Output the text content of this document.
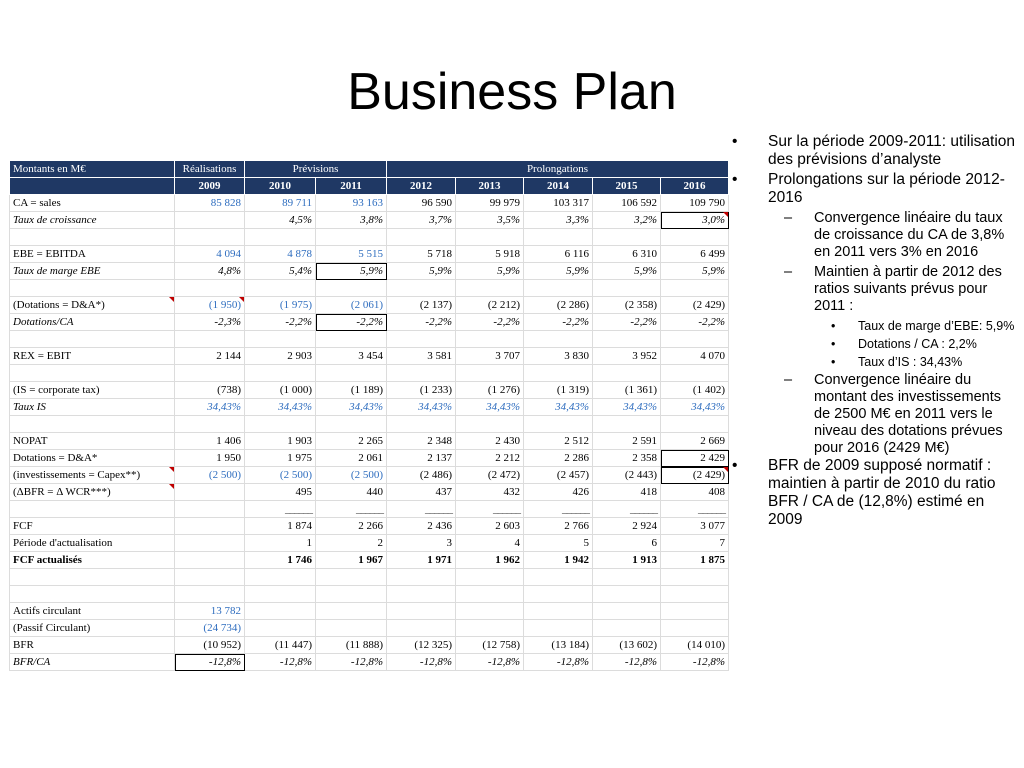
Business Plan
Montants en M€	Réalisations	Prévisions		Prolongations				
	2009	2010	2011	2012	2013	2014	2015	2016
CA = sales	85 828	89 711	93 163	96 590	99 979	103 317	106 592	109 790
Taux de croissance		4,5%	3,8%	3,7%	3,5%	3,3%	3,2%	3,0%

EBE = EBITDA	4 094	4 878	5 515	5 718	5 918	6 116	6 310	6 499
Taux de marge EBE	4,8%	5,4%	5,9%	5,9%	5,9%	5,9%	5,9%	5,9%

(Dotations = D&A*)	(1 950)	(1 975)	(2 061)	(2 137)	(2 212)	(2 286)	(2 358)	(2 429)
Dotations/CA	-2,3%	-2,2%	-2,2%	-2,2%	-2,2%	-2,2%	-2,2%	-2,2%

REX = EBIT	2 144	2 903	3 454	3 581	3 707	3 830	3 952	4 070

(IS = corporate tax)	(738)	(1 000)	(1 189)	(1 233)	(1 276)	(1 319)	(1 361)	(1 402)
Taux IS	34,43%	34,43%	34,43%	34,43%	34,43%	34,43%	34,43%	34,43%

NOPAT	1 406	1 903	2 265	2 348	2 430	2 512	2 591	2 669
Dotations = D&A*	1 950	1 975	2 061	2 137	2 212	2 286	2 358	2 429
(investissements = Capex**)	(2 500)	(2 500)	(2 500)	(2 486)	(2 472)	(2 457)	(2 443)	(2 429)
(ΔBFR = Δ WCR***)		495	440	437	432	426	418	408
		______	______	______	______	______	______	______
FCF		1 874	2 266	2 436	2 603	2 766	2 924	3 077
Période d'actualisation		1	2	3	4	5	6	7
FCF actualisés		1 746	1 967	1 971	1 962	1 942	1 913	1 875

Actifs circulant	13 782							
(Passif Circulant)	(24 734)							
BFR	(10 952)	(11 447)	(11 888)	(12 325)	(12 758)	(13 184)	(13 602)	(14 010)
BFR/CA	-12,8%	-12,8%	-12,8%	-12,8%	-12,8%	-12,8%	-12,8%	-12,8%
• Sur la période 2009-2011: utilisation des prévisions d’analyste
• Prolongations sur la période 2012-2016
– Convergence linéaire du taux de croissance du CA de 3,8% en 2011 vers 3% en 2016
– Maintien à partir de 2012 des ratios suivants prévus pour 2011 :
• Taux de marge d’EBE: 5,9%
• Dotations / CA : 2,2%
• Taux d’IS : 34,43%
– Convergence linéaire du montant des investissements de 2500 M€ en 2011 vers le niveau des dotations prévues pour 2016 (2429 M€)
• BFR de 2009 supposé normatif : maintien à partir de 2010 du ratio BFR / CA de (12,8%) estimé en 2009
